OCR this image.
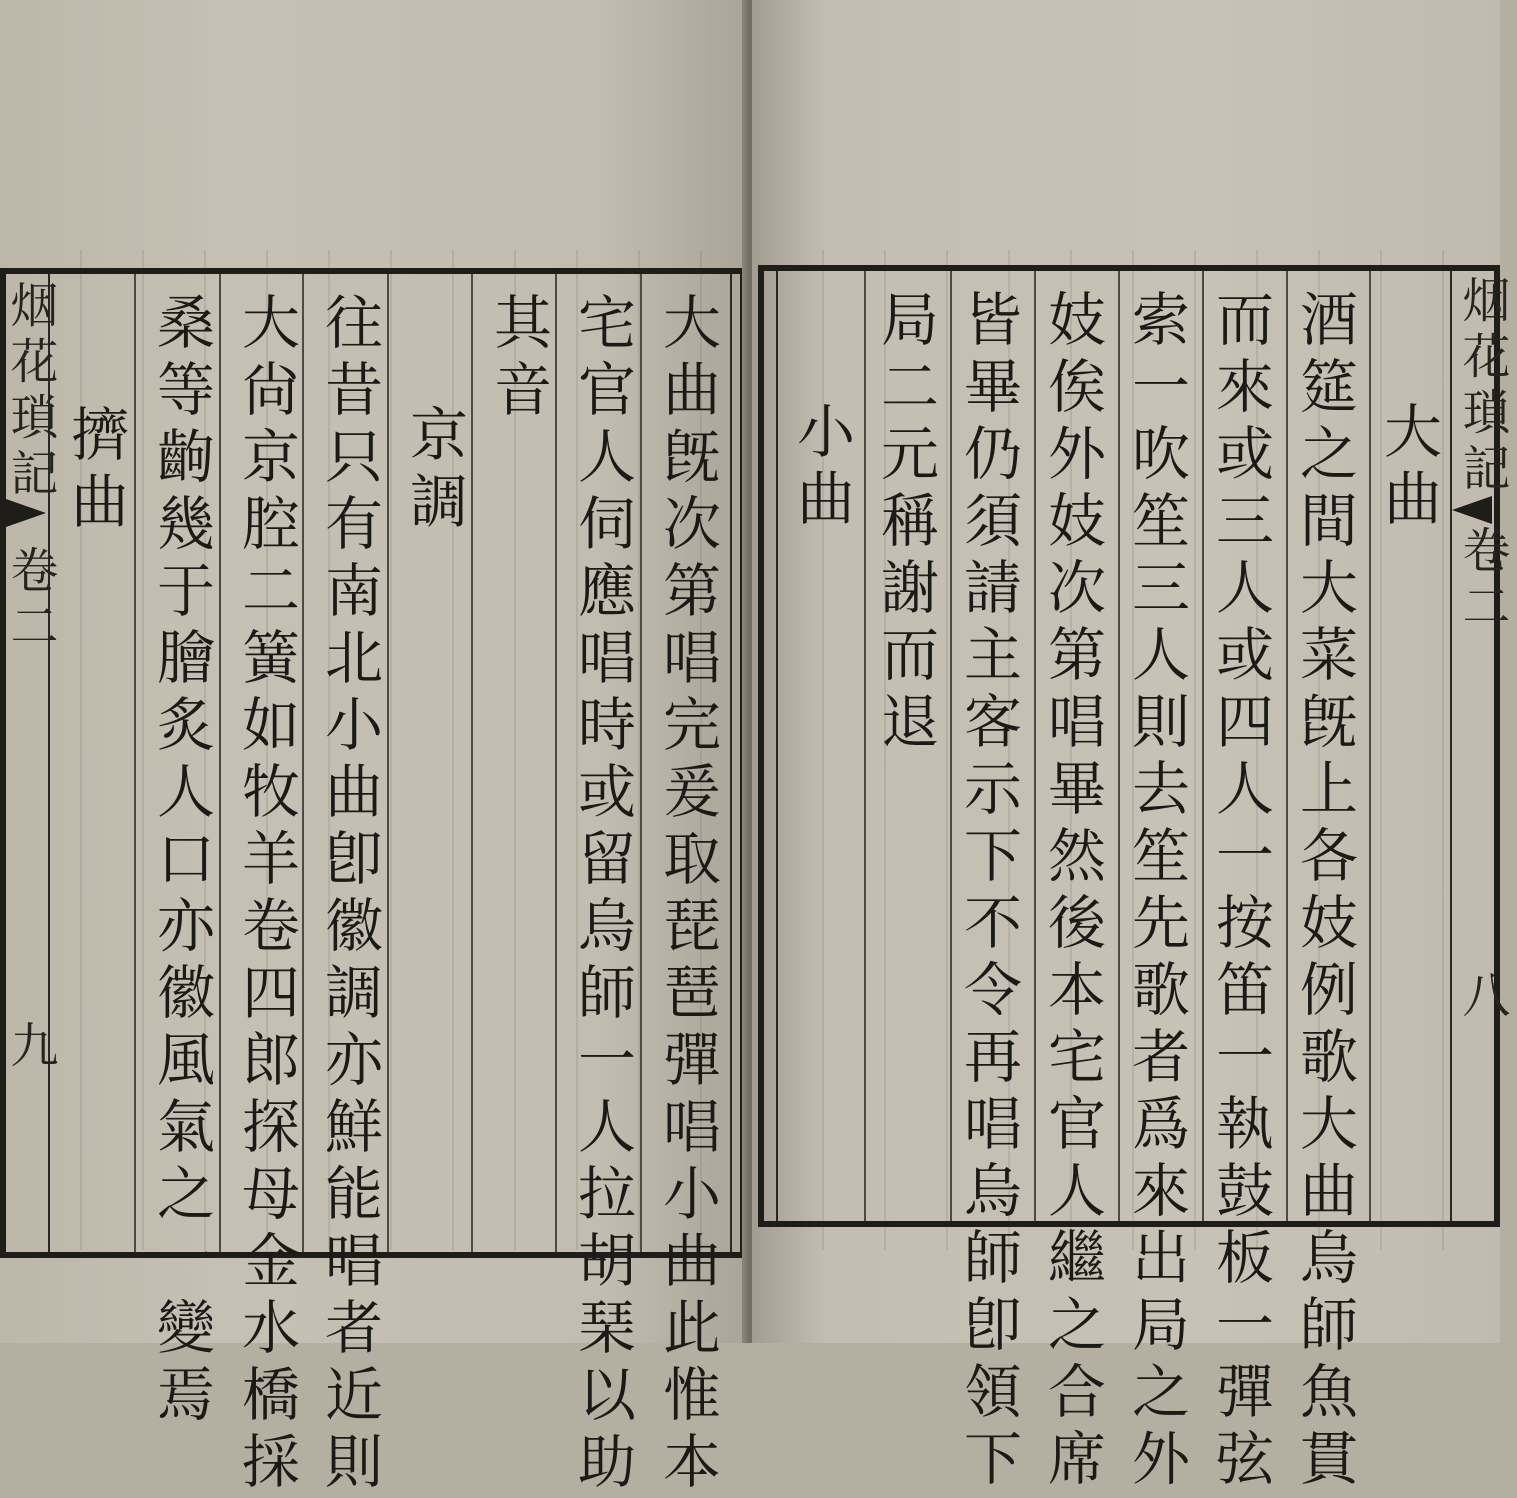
大曲旣次第唱完爰取琵琶彈唱小曲此惟本
宅官人伺應唱時或留烏師一人拉胡琹以助
其音
京調
往昔只有南北小曲卽徽調亦鮮能唱者近則
大尙京腔二簧如牧羊卷四郎探母金水橋採
桑等齣幾于膾炙人口亦徽風氣之一變焉
擠曲
烟花瑣記
卷二
九
大曲
酒筵之間大菜旣上各妓例歌大曲烏師魚貫
而來或三人或四人一按笛一執鼓板一彈弦
索一吹笙三人則去笙先歌者爲來出局之外
妓俟外妓次第唱畢然後本宅官人繼之合席
皆畢仍須請主客示下不令再唱烏師卽領下
局二元稱謝而退
小曲	烟花瑣記
卷二
八
